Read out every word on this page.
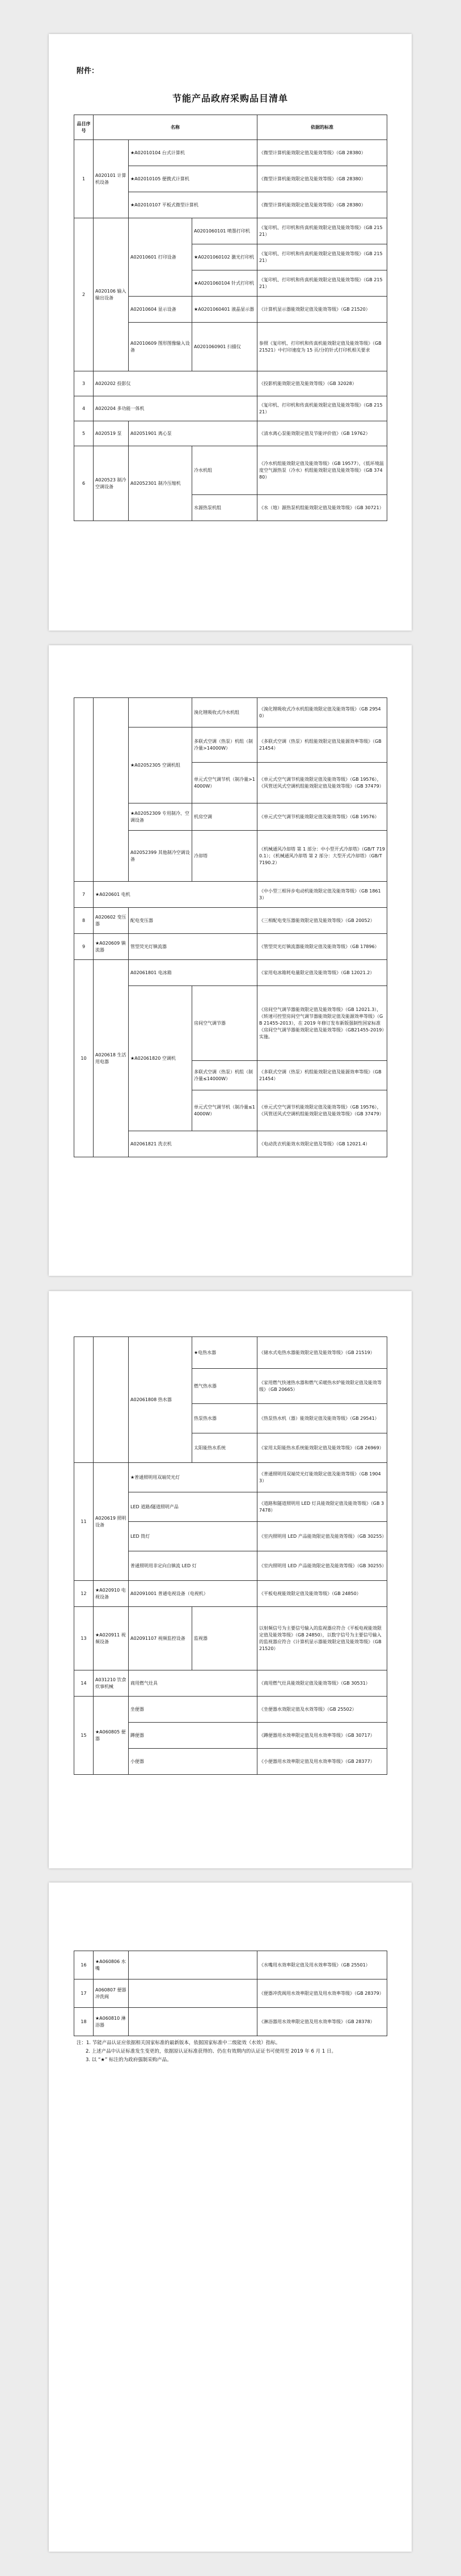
附件：
节能产品政府采购品目清单
品目序号	名称			依据的标准
1	A020101 计算机设备	★A02010104 台式计算机		《微型计算机能效限定值及能效等级》（GB 28380）
		★A02010105 便携式计算机		《微型计算机能效限定值及能效等级》（GB 28380）
		★A02010107 平板式微型计算机		《微型计算机能效限定值及能效等级》（GB 28380）
2	A020106 输入输出设备	A02010601 打印设备	A0201060101 喷墨打印机	《复印机、打印机和传真机能效限定值及能效等级》（GB 21521）
			★A0201060102 激光打印机	《复印机、打印机和传真机能效限定值及能效等级》（GB 21521）
			★A0201060104 针式打印机	《复印机、打印机和传真机能效限定值及能效等级》（GB 21521）
		A02010604 显示设备	★A0201060401 液晶显示器	《计算机显示器能效限定值及能效等级》（GB 21520）
		A02010609 图形图像输入设备	A0201060901 扫描仪	参照《复印机、打印机和传真机能效限定值及能效等级》（GB 21521）中打印速度为 15 页/分的针式打印机相关要求
3	A020202 投影仪			《投影机能效限定值及能效等级》（GB 32028）
4	A020204 多功能一体机			《复印机、打印机和传真机能效限定值及能效等级》（GB 21521）
5	A020519 泵	A02051901 离心泵		《清水离心泵能效限定值及节能评价值》（GB 19762）
6	A020523 制冷空调设备	A02052301 制冷压缩机	冷水机组	《冷水机组能效限定值及能效等级》（GB 19577），《低环境温度空气源热泵（冷水）机组能效限定值及能效等级》（GB 37480）
			水源热泵机组	《水（地）源热泵机组能效限定值及能效等级》（GB 30721）
			溴化锂吸收式冷水机组	《溴化锂吸收式冷水机组能效限定值及能效等级》（GB 29540）
		★A02052305 空调机组	多联式空调（热泵）机组（制冷量>14000W）	《多联式空调（热泵）机组能效限定值及能源效率等级》（GB 21454）
			单元式空气调节机（制冷量>14000W）	《单元式空气调节机能效限定值及能效等级》（GB 19576），《风管送风式空调机组能效限定值及能效等级》（GB 37479）
		★A02052309 专用制冷、空调设备	机房空调	《单元式空气调节机能效限定值及能效等级》（GB 19576）
		A02052399 其他制冷空调设备	冷却塔	《机械通风冷却塔 第 1 部分：中小型开式冷却塔》（GB/T 7190.1）；《机械通风冷却塔 第 2 部分：大型开式冷却塔》（GB/T 7190.2）
7	★A020601 电机			《中小型三相异步电动机能效限定值及能效等级》（GB 18613）
8	A020602 变压器	配电变压器		《三相配电变压器能效限定值及能效等级》（GB 20052）
9	★A020609 镇流器	管型荧光灯镇流器		《管型荧光灯镇流器能效限定值及能效等级》（GB 17896）
10	A020618 生活用电器	A02061801 电冰箱		《家用电冰箱耗电量限定值及能效等级》（GB 12021.2）
		★A02061820 空调机	房间空气调节器	《房间空气调节器能效限定值及能效等级》（GB 12021.3），《转速可控型房间空气调节器能效限定值及能源效率等级》（GB 21455-2013），在 2019 年修订发布新版强制性国家标准《房间空气调节器能效限定值及能效等级》（GB21455-2019）实施。
			多联式空调（热泵）机组（制冷量≤14000W）	《多联式空调（热泵）机组能效限定值及能源效率等级》（GB 21454）
			单元式空气调节机（制冷量≤14000W）	《单元式空气调节机能效限定值及能效等级》（GB 19576），《风管送风式空调机组能效限定值及能效等级》（GB 37479）
		A02061821 洗衣机		《电动洗衣机能效水效限定值及等级》（GB 12021.4）
		A02061808 热水器	★电热水器	《储水式电热水器能效限定值及能效等级》（GB 21519）
			燃气热水器	《家用燃气快速热水器和燃气采暖热水炉能效限定值及能效等级》（GB 20665）
			热泵热水器	《热泵热水机（器）能效限定值及能效等级》（GB 29541）
			太阳能热水系统	《家用太阳能热水系统能效限定值及能效等级》（GB 26969）
11	A020619 照明设备	★普通照明用双端荧光灯		《普通照明用双端荧光灯能效限定值及能效等级》（GB 19043）
		LED 道路/隧道照明产品		《道路和隧道照明用 LED 灯具能效限定值及能效等级》（GB 37478）
		LED 筒灯		《室内照明用 LED 产品能效限定值及能效等级》（GB 30255）
		普通照明用非定向自镇流 LED 灯		《室内照明用 LED 产品能效限定值及能效等级》（GB 30255）
12	★A020910 电视设备	A02091001 普通电视设备（电视机）		《平板电视能效限定值及能效等级》（GB 24850）
13	★A020911 视频设备	A02091107 视频监控设备	监视器	以射频信号为主要信号输入的监视器应符合《平板电视能效限定值及能效等级》（GB 24850），以数字信号为主要信号输入的监视器应符合《计算机显示器能效限定值及能效等级》（GB 21520）
14	A031210 饮食炊事机械	商用燃气灶具		《商用燃气灶具能效限定值及能效等级》（GB 30531）
15	★A060805 便器	坐便器		《坐便器水效限定值及水效等级》（GB 25502）
		蹲便器		《蹲便器用水效率限定值及用水效率等级》（GB 30717）
		小便器		《小便器用水效率限定值及用水效率等级》（GB 28377）
16	★A060806 水嘴		《水嘴用水效率限定值及用水效率等级》（GB 25501）
17	A060807 便器冲洗阀		《便器冲洗阀用水效率限定值及用水效率等级》（GB 28379）
18	★A060810 淋浴器		《淋浴器用水效率限定值及用水效率等级》（GB 28378）

注：1. 节能产品认证应依据相关国家标准的最新版本，依据国家标准中二级能效（水效）指标。

2. 上述产品中认证标准发生变更的，依据原认证标准获得的、仍在有效期内的认证证书可使用至 2019 年 6 月 1 日。

3. 以 “★” 标注的为政府强制采购产品。
